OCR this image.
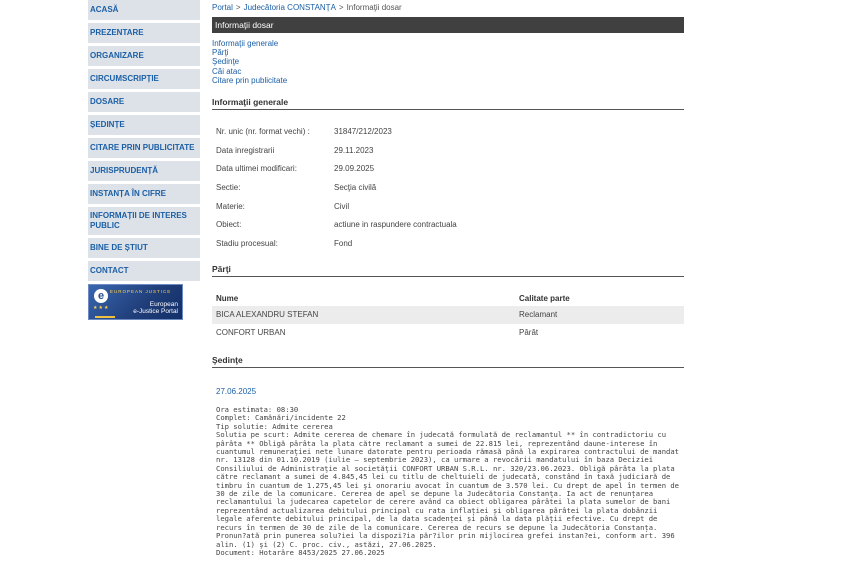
ACASĂ
PREZENTARE
ORGANIZARE
CIRCUMSCRIPȚIE
DOSARE
ȘEDINȚE
CITARE PRIN PUBLICITATE
JURISPRUDENȚĂ
INSTANȚA ÎN CIFRE
INFORMAȚII DE INTERES PUBLIC
BINE DE ȘTIUT
CONTACT
e	EUROPEAN JUSTICE
★★★	European
e-Justice Portal
Portal > Judecătoria CONSTANȚA > Informaţii dosar
Informaţii dosar
Informaţii generale
Părţi
Şedinţe
Căi atac
Citare prin publicitate
Informaţii generale
Nr. unic (nr. format vechi) :	31847/212/2023
Data inregistrarii	29.11.2023
Data ultimei modificari:	29.09.2025
Sectie:	Secţia civilă
Materie:	Civil
Obiect:	actiune in raspundere contractuala
Stadiu procesual:	Fond
Părţi
Nume	Calitate parte
BICA ALEXANDRU STEFAN	Reclamant
CONFORT URBAN	Pârât
Şedinţe
27.06.2025
Ora estimata: 08:30
Complet: Camănări/incidente 22
Tip solutie: Admite cererea
Solutia pe scurt: Admite cererea de chemare în judecată formulată de reclamantul ** în contradictoriu cu pârâta ** Obligă pârâta la plata către reclamant a sumei de 22.815 lei, reprezentând daune-interese în cuantumul remuneraţiei nete lunare datorate pentru perioada rămasă până la expirarea contractului de mandat nr. 13128 din 01.10.2019 (iulie – septembrie 2023), ca urmare a revocării mandatului în baza Deciziei Consiliului de Administraţie al societăţii CONFORT URBAN S.R.L. nr. 320/23.06.2023. Obligă pârâta la plata către reclamant a sumei de 4.845,45 lei cu titlu de cheltuieli de judecată, constând în taxă judiciară de timbru în cuantum de 1.275,45 lei şi onorariu avocat în cuantum de 3.570 lei. Cu drept de apel în termen de 30 de zile de la comunicare. Cererea de apel se depune la Judecătoria Constanţa. Ia act de renunțarea reclamantului la judecarea capetelor de cerere având ca obiect obligarea pârâtei la plata sumelor de bani reprezentând actualizarea debitului principal cu rata inflației și obligarea pârâtei la plata dobânzii legale aferente debitului principal, de la data scadenței și până la data plății efective. Cu drept de recurs în termen de 30 de zile de la comunicare. Cererea de recurs se depune la Judecătoria Constanța. Pronun?ată prin punerea solu?iei la dispozi?ia păr?ilor prin mijlocirea grefei instan?ei, conform art. 396 alin. (1) şi (2) C. proc. civ., astăzi, 27.06.2025.
Document: Hotarâre 8453/2025 27.06.2025
